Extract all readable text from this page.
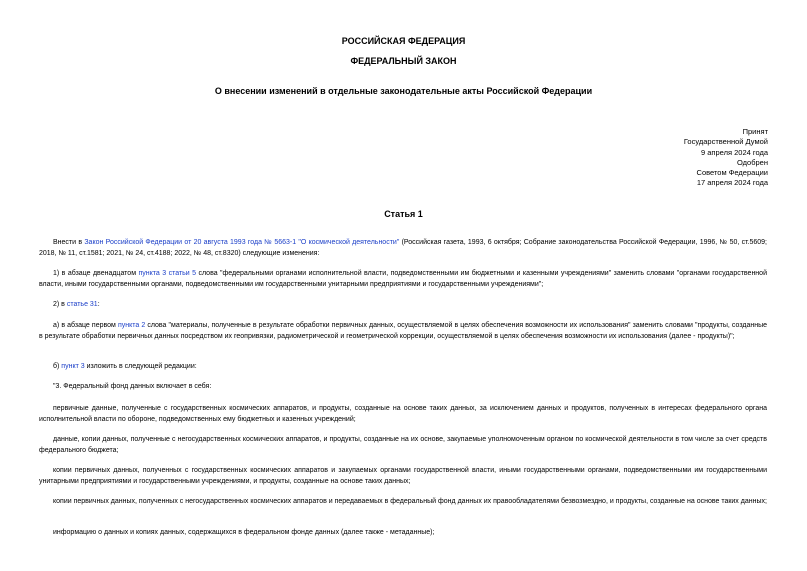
РОССИЙСКАЯ ФЕДЕРАЦИЯ
ФЕДЕРАЛЬНЫЙ ЗАКОН
О внесении изменений в отдельные законодательные акты Российской Федерации
Принят
Государственной Думой
9 апреля 2024 года
Одобрен
Советом Федерации
17 апреля 2024 года
Статья 1
Внести в Закон Российской Федерации от 20 августа 1993 года № 5663-1 "О космической деятельности" (Российская газета, 1993, 6 октября; Собрание законодательства Российской Федерации, 1996, № 50, ст.5609; 2018, № 11, ст.1581; 2021, № 24, ст.4188; 2022, № 48, ст.8320) следующие изменения:
1) в абзаце двенадцатом пункта 3 статьи 5 слова "федеральными органами исполнительной власти, подведомственными им бюджетными и казенными учреждениями" заменить словами "органами государственной власти, иными государственными органами, подведомственными им государственными унитарными предприятиями и государственными учреждениями";
2) в статье 31:
а) в абзаце первом пункта 2 слова "материалы, полученные в результате обработки первичных данных, осуществляемой в целях обеспечения возможности их использования" заменить словами "продукты, созданные в результате обработки первичных данных посредством их геопривязки, радиометрической и геометрической коррекции, осуществляемой в целях обеспечения возможности их использования (далее - продукты)";
б) пункт 3 изложить в следующей редакции:
"3. Федеральный фонд данных включает в себя:
первичные данные, полученные с государственных космических аппаратов, и продукты, созданные на основе таких данных, за исключением данных и продуктов, полученных в интересах федерального органа исполнительной власти по обороне, подведомственных ему бюджетных и казенных учреждений;
данные, копии данных, полученные с негосударственных космических аппаратов, и продукты, созданные на их основе, закупаемые уполномоченным органом по космической деятельности в том числе за счет средств федерального бюджета;
копии первичных данных, полученных с государственных космических аппаратов и закупаемых органами государственной власти, иными государственными органами, подведомственными им государственными унитарными предприятиями и государственными учреждениями, и продукты, созданные на основе таких данных;
копии первичных данных, полученных с негосударственных космических аппаратов и передаваемых в федеральный фонд данных их правообладателями безвозмездно, и продукты, созданные на основе таких данных;
информацию о данных и копиях данных, содержащихся в федеральном фонде данных (далее также - метаданные);
